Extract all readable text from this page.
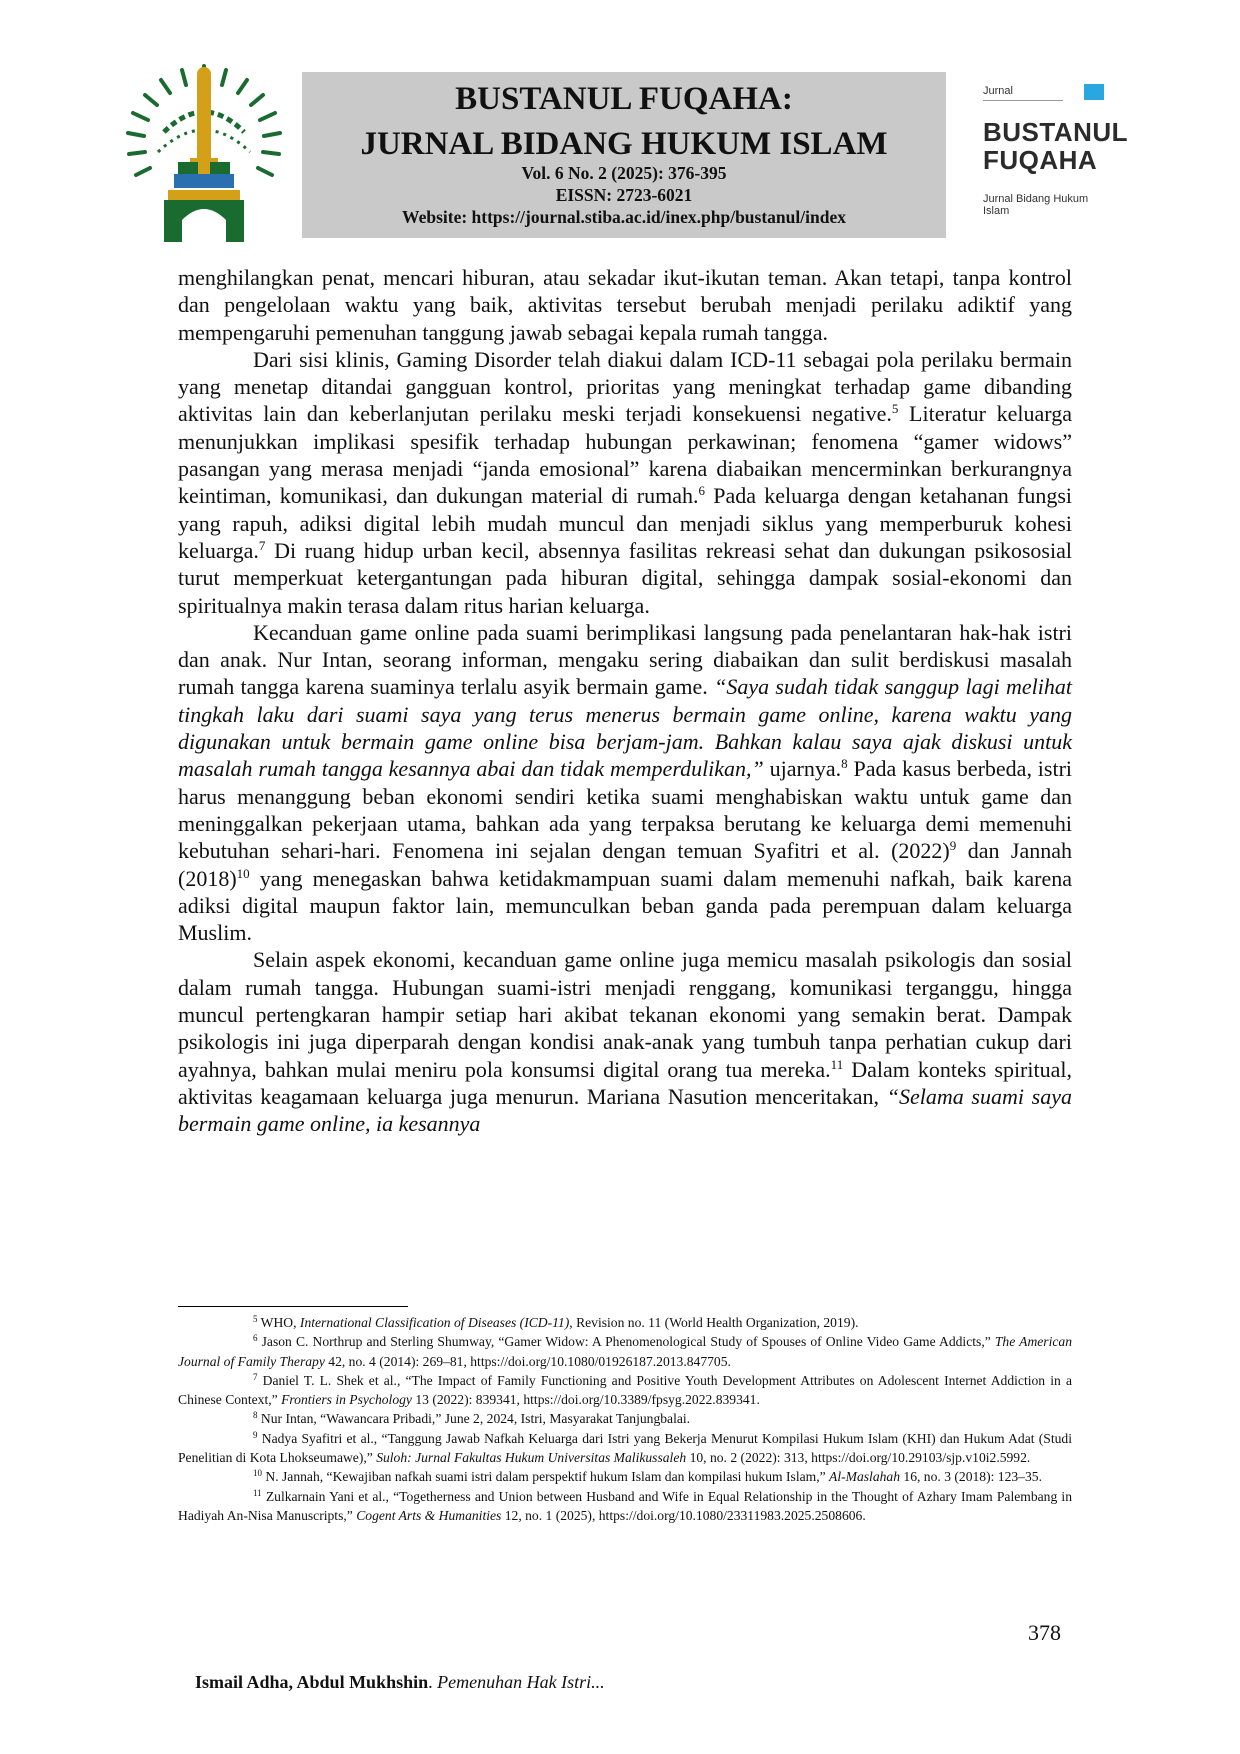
BUSTANUL FUQAHA:
JURNAL BIDANG HUKUM ISLAM
Vol. 6 No. 2 (2025): 376-395
EISSN: 2723-6021
Website: https://journal.stiba.ac.id/inex.php/bustanul/index
Jurnal
BUSTANUL
FUQAHA
Jurnal Bidang Hukum Islam

menghilangkan penat, mencari hiburan, atau sekadar ikut-ikutan teman. Akan tetapi, tanpa kontrol dan pengelolaan waktu yang baik, aktivitas tersebut berubah menjadi perilaku adiktif yang mempengaruhi pemenuhan tanggung jawab sebagai kepala rumah tangga.

Dari sisi klinis, Gaming Disorder telah diakui dalam ICD-11 sebagai pola perilaku bermain yang menetap ditandai gangguan kontrol, prioritas yang meningkat terhadap game dibanding aktivitas lain dan keberlanjutan perilaku meski terjadi konsekuensi negative.$^5$ Literatur keluarga menunjukkan implikasi spesifik terhadap hubungan perkawinan; fenomena “gamer widows” pasangan yang merasa menjadi “janda emosional” karena diabaikan mencerminkan berkurangnya keintiman, komunikasi, dan dukungan material di rumah.$^6$ Pada keluarga dengan ketahanan fungsi yang rapuh, adiksi digital lebih mudah muncul dan menjadi siklus yang memperburuk kohesi keluarga.$^7$ Di ruang hidup urban kecil, absennya fasilitas rekreasi sehat dan dukungan psikososial turut memperkuat ketergantungan pada hiburan digital, sehingga dampak sosial-ekonomi dan spiritualnya makin terasa dalam ritus harian keluarga.

Kecanduan game online pada suami berimplikasi langsung pada penelantaran hak-hak istri dan anak. Nur Intan, seorang informan, mengaku sering diabaikan dan sulit berdiskusi masalah rumah tangga karena suaminya terlalu asyik bermain game. “Saya sudah tidak sanggup lagi melihat tingkah laku dari suami saya yang terus menerus bermain game online, karena waktu yang digunakan untuk bermain game online bisa berjam-jam. Bahkan kalau saya ajak diskusi untuk masalah rumah tangga kesannya abai dan tidak memperdulikan,” ujarnya.$^8$ Pada kasus berbeda, istri harus menanggung beban ekonomi sendiri ketika suami menghabiskan waktu untuk game dan meninggalkan pekerjaan utama, bahkan ada yang terpaksa berutang ke keluarga demi memenuhi kebutuhan sehari-hari. Fenomena ini sejalan dengan temuan Syafitri et al. $(2022)^9$ dan Jannah $(2018)^{10}$ yang menegaskan bahwa ketidakmampuan suami dalam memenuhi nafkah, baik karena adiksi digital maupun faktor lain, memunculkan beban ganda pada perempuan dalam keluarga Muslim.

Selain aspek ekonomi, kecanduan game online juga memicu masalah psikologis dan sosial dalam rumah tangga. Hubungan suami-istri menjadi renggang, komunikasi terganggu, hingga muncul pertengkaran hampir setiap hari akibat tekanan ekonomi yang semakin berat. Dampak psikologis ini juga diperparah dengan kondisi anak-anak yang tumbuh tanpa perhatian cukup dari ayahnya, bahkan mulai meniru pola konsumsi digital orang tua mereka.$^{11}$ Dalam konteks spiritual, aktivitas keagamaan keluarga juga menurun. Mariana Nasution menceritakan, “Selama suami saya bermain game online, ia kesannya

$^5$ WHO, International Classification of Diseases (ICD-11), Revision no. 11 (World Health Organization, 2019).

$^6$ Jason C. Northrup and Sterling Shumway, “Gamer Widow: A Phenomenological Study of Spouses of Online Video Game Addicts,” The American Journal of Family Therapy 42, no. 4 (2014): 269–81, https://doi.org/10.1080/01926187.2013.847705.

$^7$ Daniel T. L. Shek et al., “The Impact of Family Functioning and Positive Youth Development Attributes on Adolescent Internet Addiction in a Chinese Context,” Frontiers in Psychology 13 (2022): 839341, https://doi.org/10.3389/fpsyg.2022.839341.

$^8$ Nur Intan, “Wawancara Pribadi,” June 2, 2024, Istri, Masyarakat Tanjungbalai.

$^9$ Nadya Syafitri et al., “Tanggung Jawab Nafkah Keluarga dari Istri yang Bekerja Menurut Kompilasi Hukum Islam (KHI) dan Hukum Adat (Studi Penelitian di Kota Lhokseumawe),” Suloh: Jurnal Fakultas Hukum Universitas Malikussaleh 10, no. 2 (2022): 313, https://doi.org/10.29103/sjp.v10i2.5992.

$^{10}$ N. Jannah, “Kewajiban nafkah suami istri dalam perspektif hukum Islam dan kompilasi hukum Islam,” Al-Maslahah 16, no. 3 (2018): 123–35.

$^{11}$ Zulkarnain Yani et al., “Togetherness and Union between Husband and Wife in Equal Relationship in the Thought of Azhary Imam Palembang in Hadiyah An-Nisa Manuscripts,” Cogent Arts & Humanities 12, no. 1 (2025), https://doi.org/10.1080/23311983.2025.2508606.

378
Ismail Adha, Abdul Mukhshin. Pemenuhan Hak Istri...
